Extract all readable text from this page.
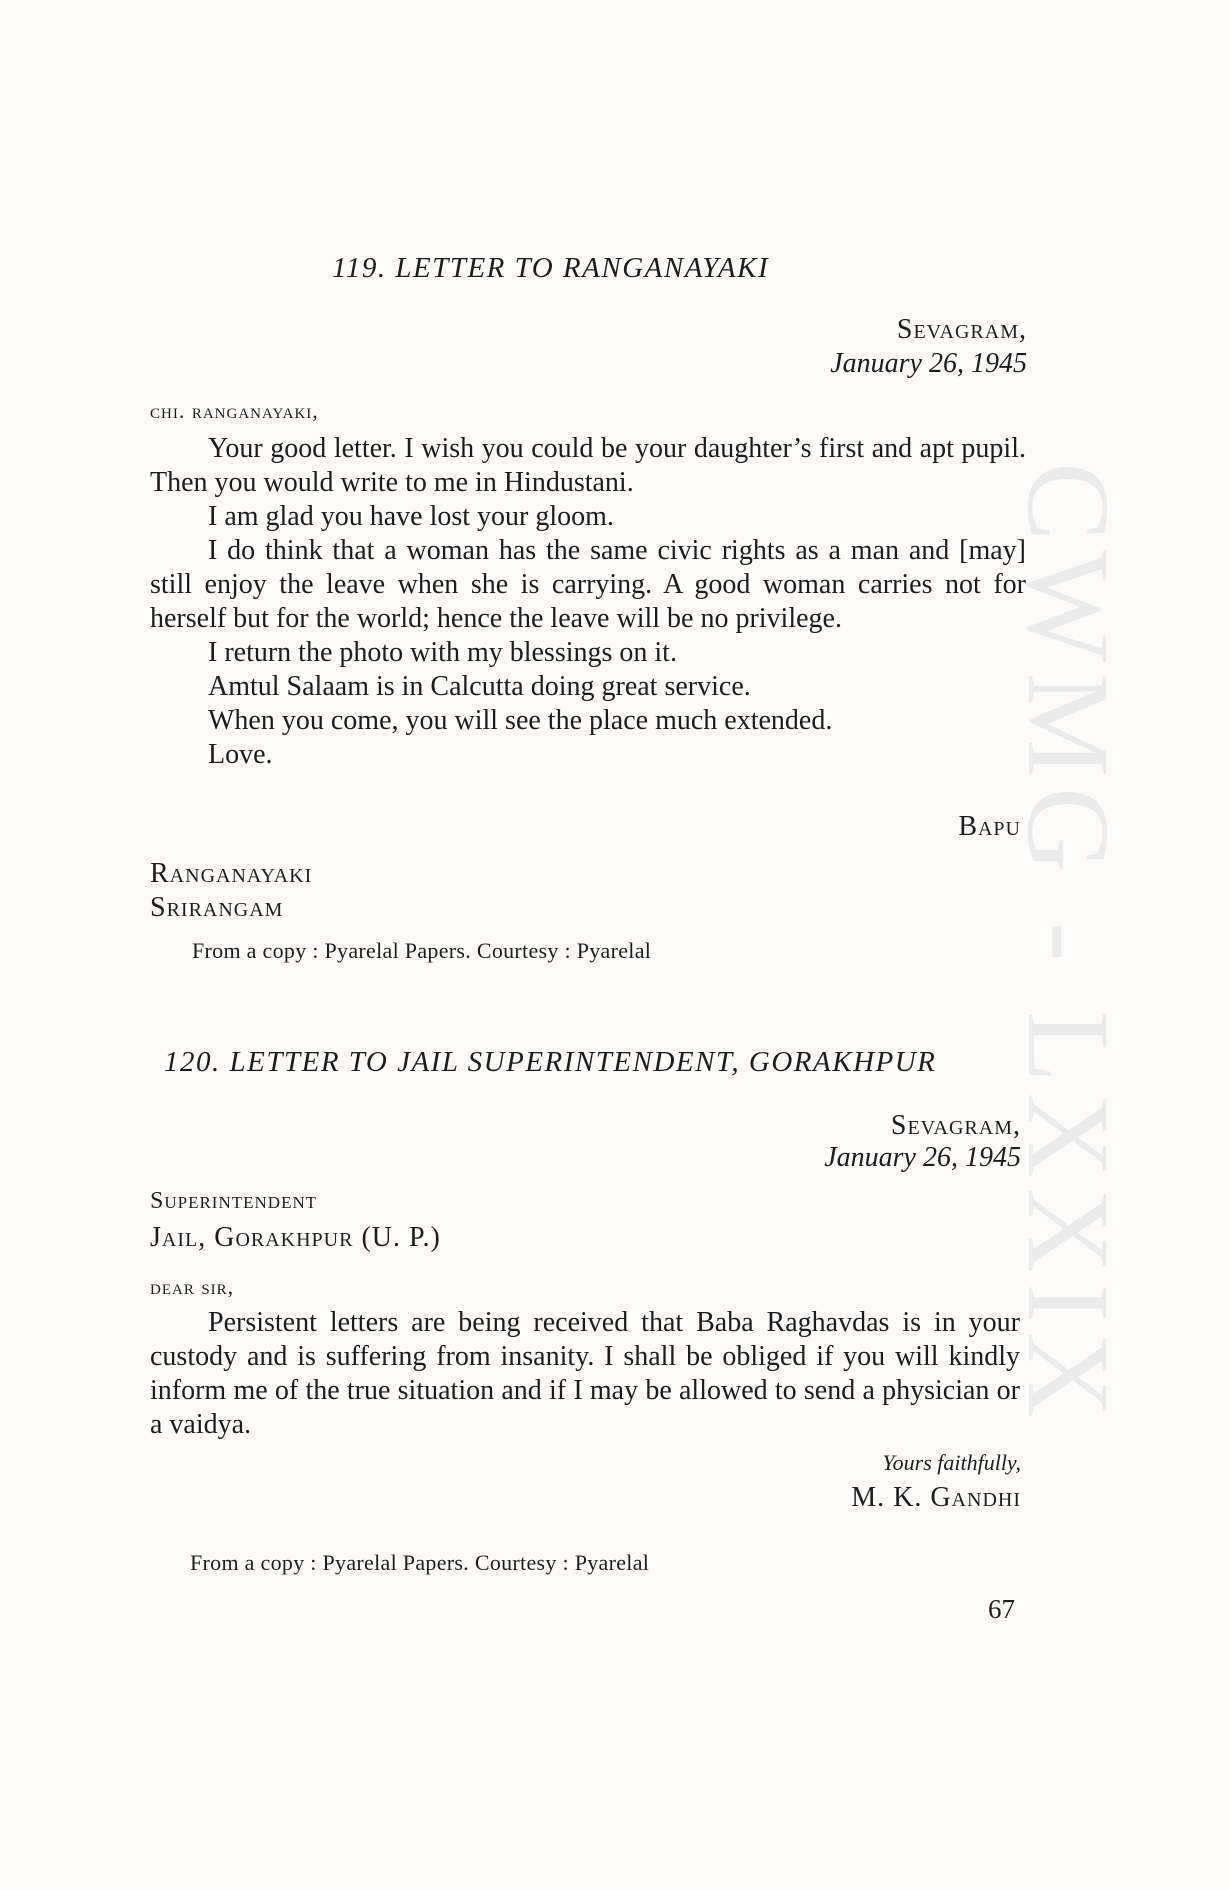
CWMG - LXXIX
119. LETTER TO RANGANAYAKI
Sevagram,
January 26, 1945
chi. ranganayaki,

Your good letter. I wish you could be your daughter’s first and apt pupil. Then you would write to me in Hindustani.

I am glad you have lost your gloom.

I do think that a woman has the same civic rights as a man and [may] still enjoy the leave when she is carrying. A good woman carries not for herself but for the world; hence the leave will be no privilege.

I return the photo with my blessings on it.

Amtul Salaam is in Calcutta doing great service.

When you come, you will see the place much extended.

Love.

Bapu
Ranganayaki
Srirangam
From a copy : Pyarelal Papers. Courtesy : Pyarelal
120. LETTER TO JAIL SUPERINTENDENT, GORAKHPUR
Sevagram,
January 26, 1945
Superintendent
Jail, Gorakhpur (U. P.)
dear sir,

Persistent letters are being received that Baba Raghavdas is in your custody and is suffering from insanity. I shall be obliged if you will kindly inform me of the true situation and if I may be allowed to send a physician or a vaidya.

Yours faithfully,
M. K. Gandhi
From a copy : Pyarelal Papers. Courtesy : Pyarelal
67
